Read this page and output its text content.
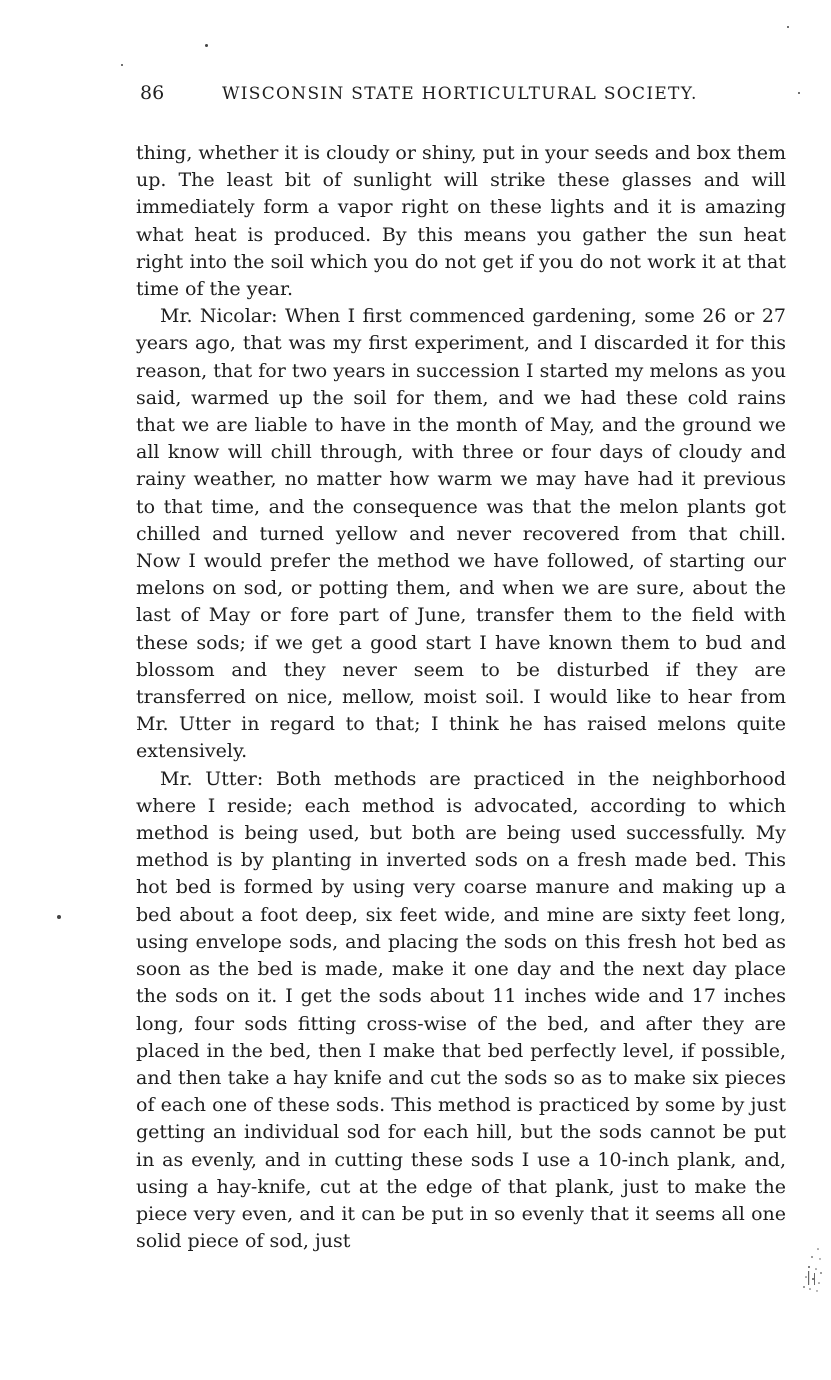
86	WISCONSIN STATE HORTICULTURAL SOCIETY.

thing, whether it is cloudy or shiny, put in your seeds and box them up. The least bit of sunlight will strike these glasses and will immediately form a vapor right on these lights and it is amazing what heat is produced. By this means you gather the sun heat right into the soil which you do not get if you do not work it at that time of the year.

Mr. Nicolar: When I first commenced gardening, some 26 or 27 years ago, that was my first experiment, and I discarded it for this reason, that for two years in succession I started my melons as you said, warmed up the soil for them, and we had these cold rains that we are liable to have in the month of May, and the ground we all know will chill through, with three or four days of cloudy and rainy weather, no matter how warm we may have had it previous to that time, and the consequence was that the melon plants got chilled and turned yellow and never recovered from that chill. Now I would prefer the method we have followed, of starting our melons on sod, or potting them, and when we are sure, about the last of May or fore part of June, transfer them to the field with these sods; if we get a good start I have known them to bud and blossom and they never seem to be disturbed if they are transferred on nice, mellow, moist soil. I would like to hear from Mr. Utter in regard to that; I think he has raised melons quite extensively.

Mr. Utter: Both methods are practiced in the neighborhood where I reside; each method is advocated, according to which method is being used, but both are being used successfully. My method is by planting in inverted sods on a fresh made bed. This hot bed is formed by using very coarse manure and making up a bed about a foot deep, six feet wide, and mine are sixty feet long, using envelope sods, and placing the sods on this fresh hot bed as soon as the bed is made, make it one day and the next day place the sods on it. I get the sods about 11 inches wide and 17 inches long, four sods fitting cross-wise of the bed, and after they are placed in the bed, then I make that bed perfectly level, if possible, and then take a hay knife and cut the sods so as to make six pieces of each one of these sods. This method is practiced by some by just getting an individual sod for each hill, but the sods cannot be put in as evenly, and in cutting these sods I use a 10-inch plank, and, using a hay-knife, cut at the edge of that plank, just to make the piece very even, and it can be put in so evenly that it seems all one solid piece of sod, just
